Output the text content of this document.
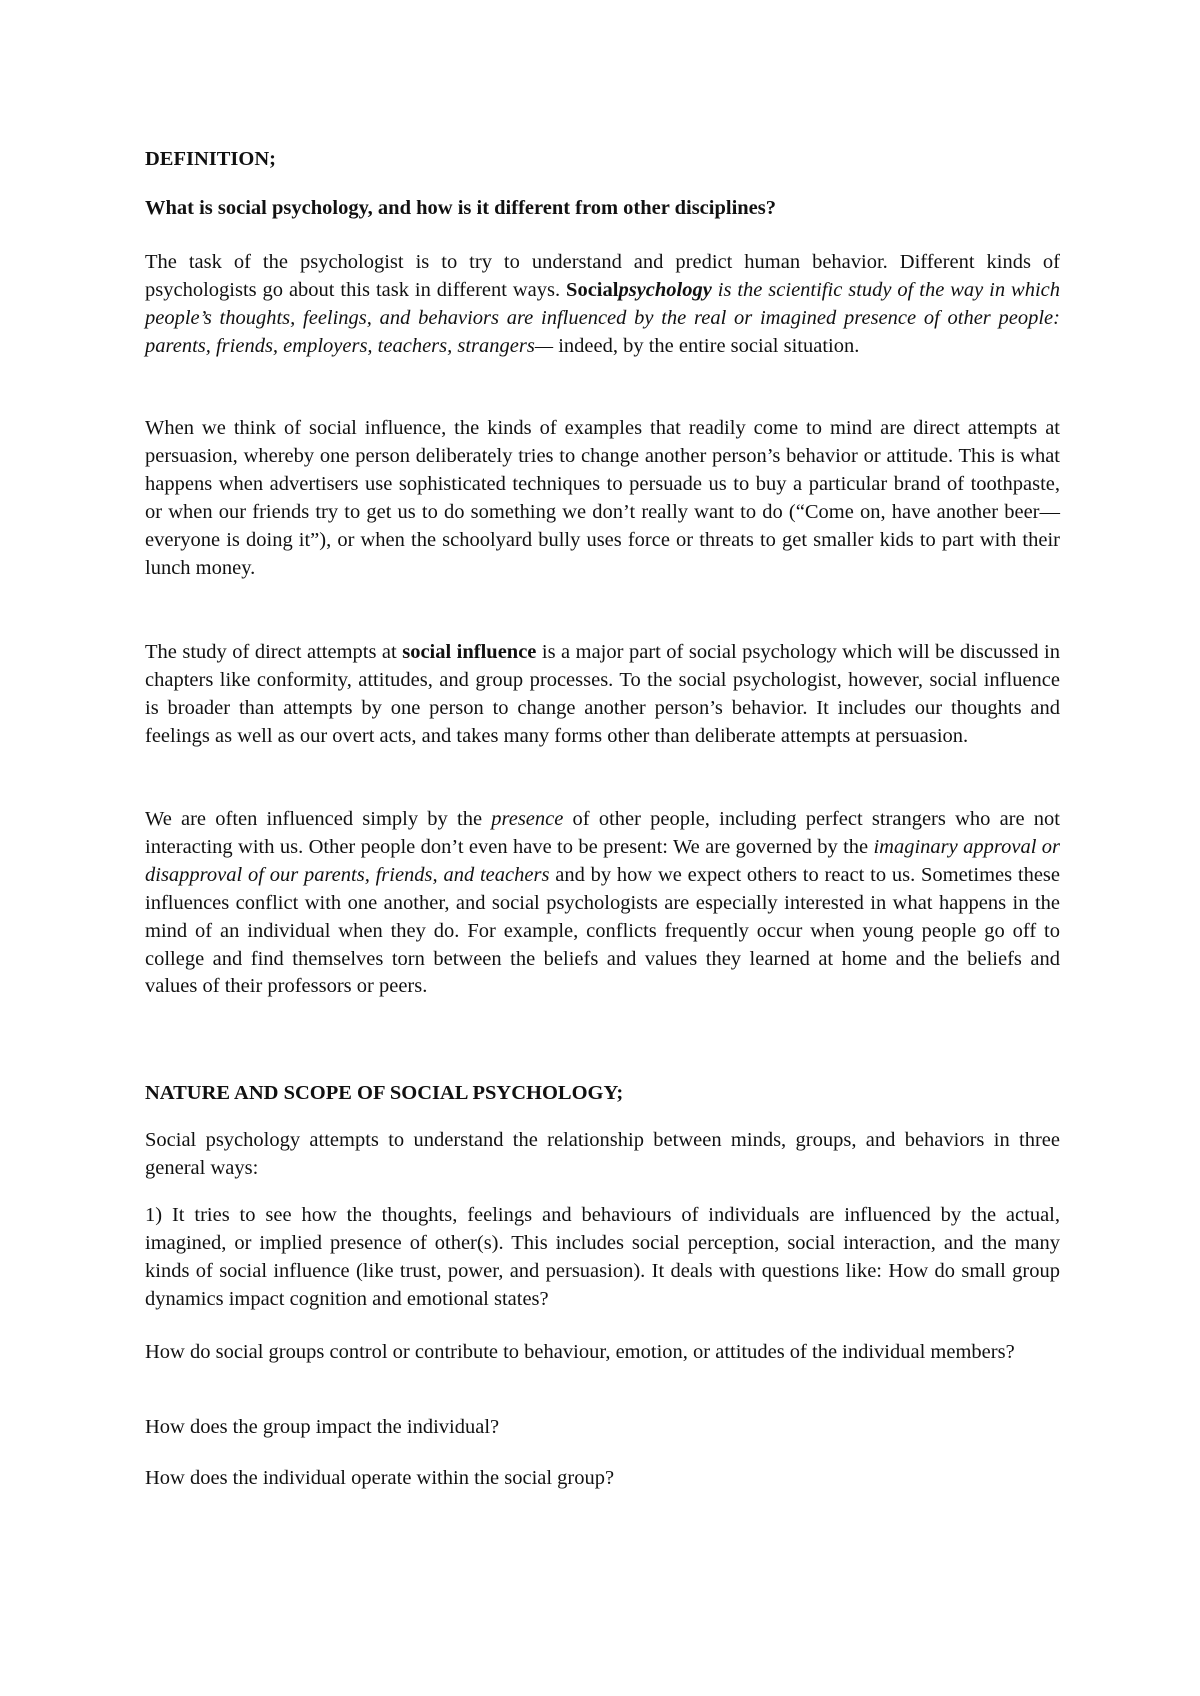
DEFINITION;

What is social psychology, and how is it different from other disciplines?

The task of the psychologist is to try to understand and predict human behavior. Different kinds of psychologists go about this task in different ways. Socialpsychology is the scientific study of the way in which people’s thoughts, feelings, and behaviors are influenced by the real or imagined presence of other people: parents, friends, employers, teachers, strangers— indeed, by the entire social situation.

When we think of social influence, the kinds of examples that readily come to mind are direct attempts at persuasion, whereby one person deliberately tries to change another person’s behavior or attitude. This is what happens when advertisers use sophisticated techniques to persuade us to buy a particular brand of toothpaste, or when our friends try to get us to do something we don’t really want to do (“Come on, have another beer—everyone is doing it”), or when the schoolyard bully uses force or threats to get smaller kids to part with their lunch money.

The study of direct attempts at social influence is a major part of social psychology which will be discussed in chapters like conformity, attitudes, and group processes. To the social psychologist, however, social influence is broader than attempts by one person to change another person’s behavior. It includes our thoughts and feelings as well as our overt acts, and takes many forms other than deliberate attempts at persuasion.

We are often influenced simply by the presence of other people, including perfect strangers who are not interacting with us. Other people don’t even have to be present: We are governed by the imaginary approval or disapproval of our parents, friends, and teachers and by how we expect others to react to us. Sometimes these influences conflict with one another, and social psychologists are especially interested in what happens in the mind of an individual when they do. For example, conflicts frequently occur when young people go off to college and find themselves torn between the beliefs and values they learned at home and the beliefs and values of their professors or peers.

NATURE AND SCOPE OF SOCIAL PSYCHOLOGY;

Social psychology attempts to understand the relationship between minds, groups, and behaviors in three general ways:

1) It tries to see how the thoughts, feelings and behaviours of individuals are influenced by the actual, imagined, or implied presence of other(s). This includes social perception, social interaction, and the many kinds of social influence (like trust, power, and persuasion). It deals with questions like: How do small group dynamics impact cognition and emotional states?

How do social groups control or contribute to behaviour, emotion, or attitudes of the individual members?

How does the group impact the individual?

How does the individual operate within the social group?
